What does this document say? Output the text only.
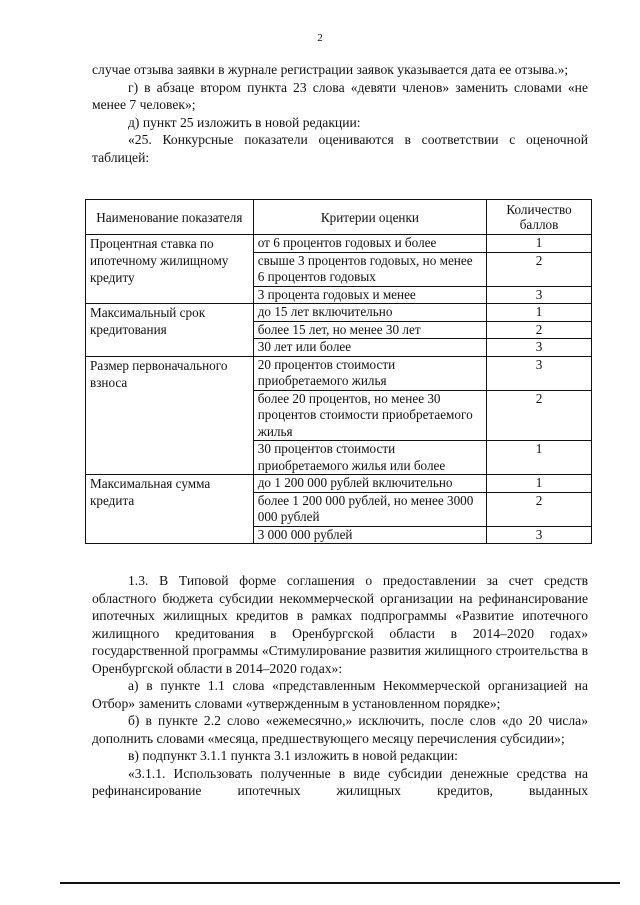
2

случае отзыва заявки в журнале регистрации заявок указывается дата ее отзыва.»;

г) в абзаце втором пункта 23 слова «девяти членов» заменить словами «не менее 7 человек»;

д) пункт 25 изложить в новой редакции:

«25. Конкурсные показатели оцениваются в соответствии с оценочной таблицей:

Наименование показателя	Критерии оценки	Количество баллов
Процентная ставка по ипотечному жилищному кредиту	от 6 процентов годовых и более	1
	свыше 3 процентов годовых, но менее 6 процентов годовых	2
	3 процента годовых и менее	3
Максимальный срок кредитования	до 15 лет включительно	1
	более 15 лет, но менее 30 лет	2
	30 лет или более	3
Размер первоначального взноса	20 процентов стоимости приобретаемого жилья	3
	более 20 процентов, но менее 30 процентов стоимости приобретаемого жилья	2
	30 процентов стоимости приобретаемого жилья или более	1
Максимальная сумма кредита	до 1 200 000 рублей включительно	1
	более 1 200 000 рублей, но менее 3000 000 рублей	2
	3 000 000 рублей	3

1.3. В Типовой форме соглашения о предоставлении за счет средств областного бюджета субсидии некоммерческой организации на рефинансирование ипотечных жилищных кредитов в рамках подпрограммы «Развитие ипотечного жилищного кредитования в Оренбургской области в 2014–2020 годах» государственной программы «Стимулирование развития жилищного строительства в Оренбургской области в 2014–2020 годах»:

а) в пункте 1.1 слова «представленным Некоммерческой организацией на Отбор» заменить словами «утвержденным в установленном порядке»;

б) в пункте 2.2 слово «ежемесячно,» исключить, после слов «до 20 числа» дополнить словами «месяца, предшествующего месяцу перечисления субсидии»;

в) подпункт 3.1.1 пункта 3.1 изложить в новой редакции:

«3.1.1. Использовать полученные в виде субсидии денежные средства на рефинансирование ипотечных жилищных кредитов, выданных
